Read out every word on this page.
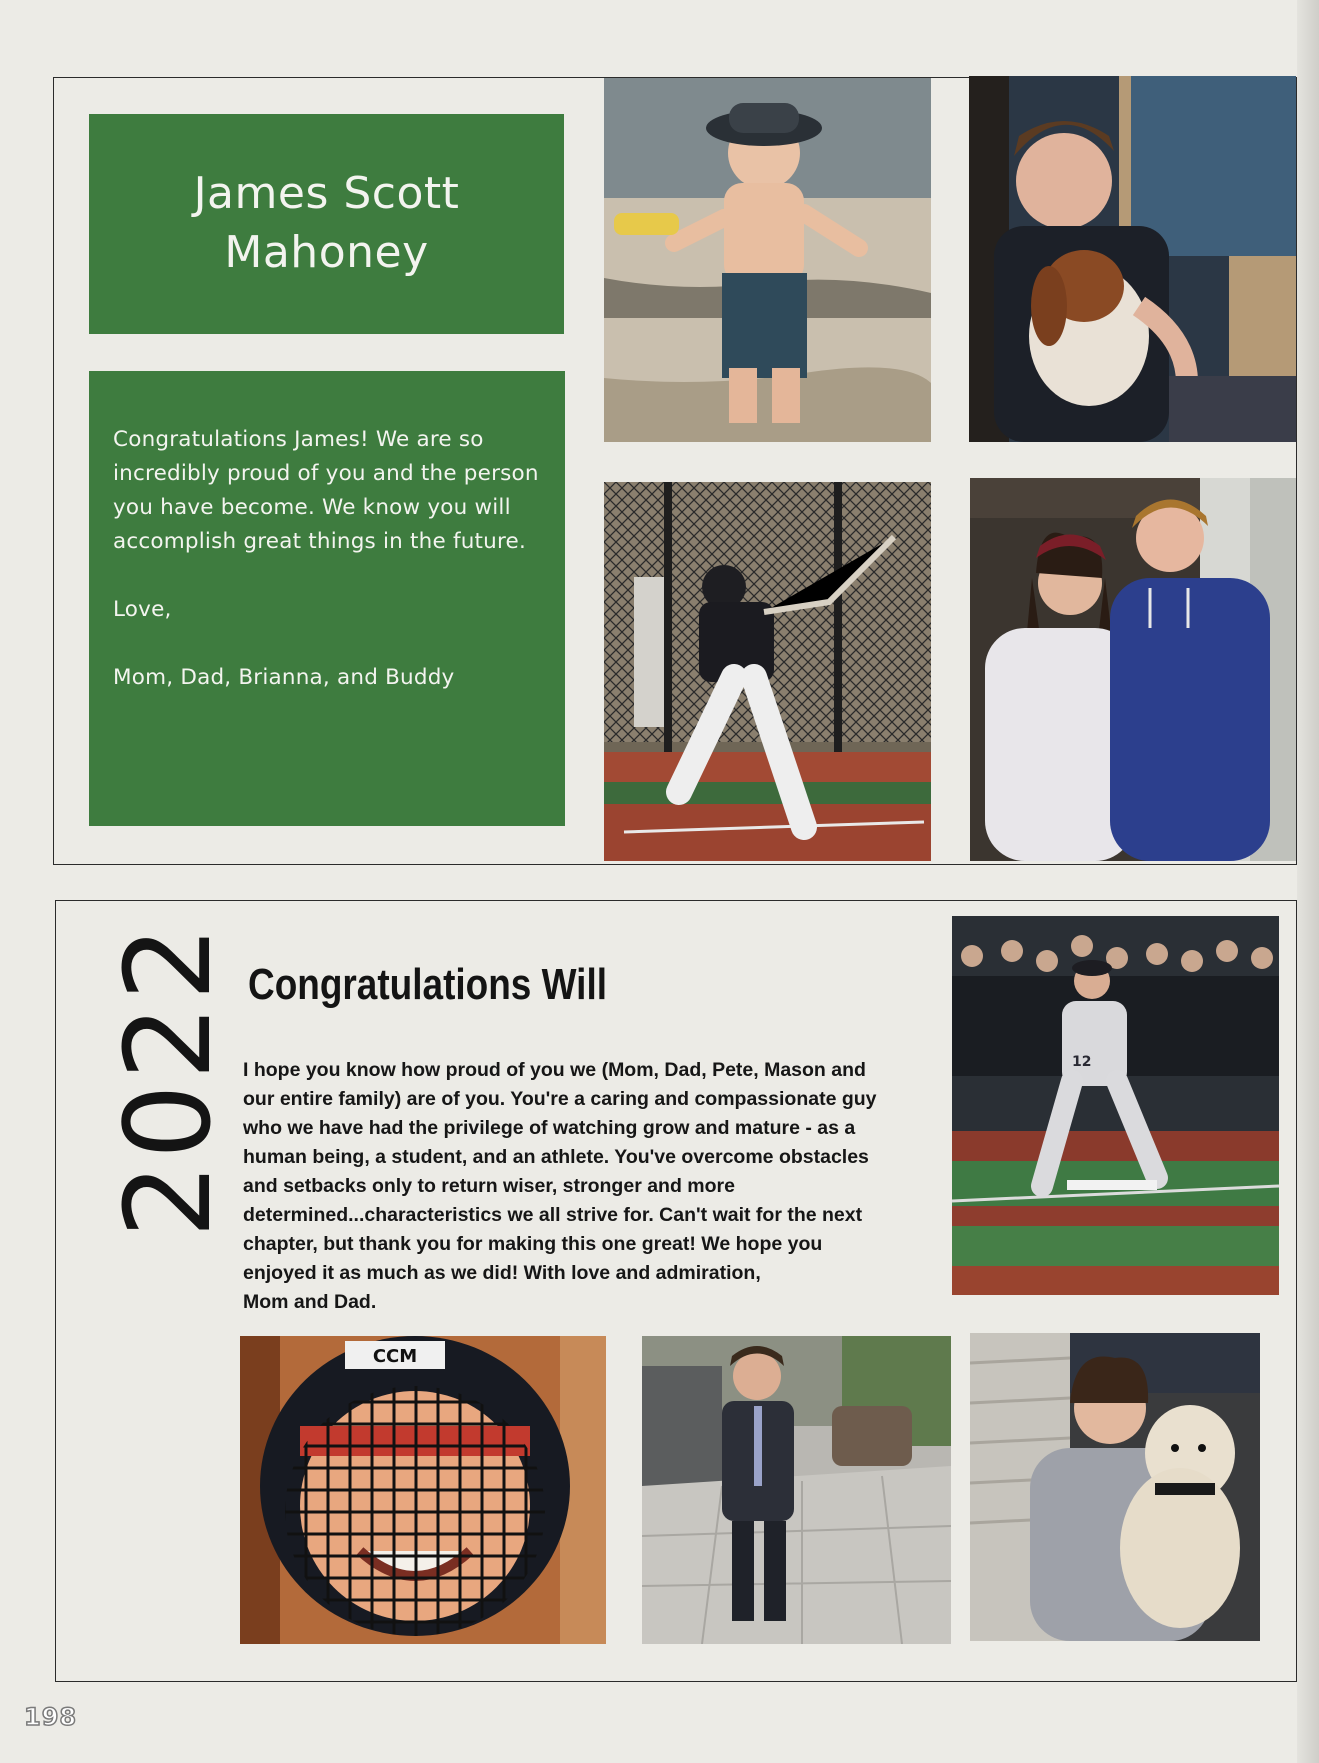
James Scott
Mahoney

Congratulations James! We are so incredibly proud of you and the person you have become. We know you will accomplish great things in the future.

Love,

Mom, Dad, Brianna, and Buddy

2022 Congratulations Will
I hope you know how proud of you we (Mom, Dad, Pete, Mason and
our entire family) are of you. You're a caring and compassionate guy
who we have had the privilege of watching grow and mature - as a
human being, a student, and an athlete. You've overcome obstacles
and setbacks only to return wiser, stronger and more
determined...characteristics we all strive for. Can't wait for the next
chapter, but thank you for making this one great! We hope you
enjoyed it as much as we did! With love and admiration,
Mom and Dad.
12
CCM
198
